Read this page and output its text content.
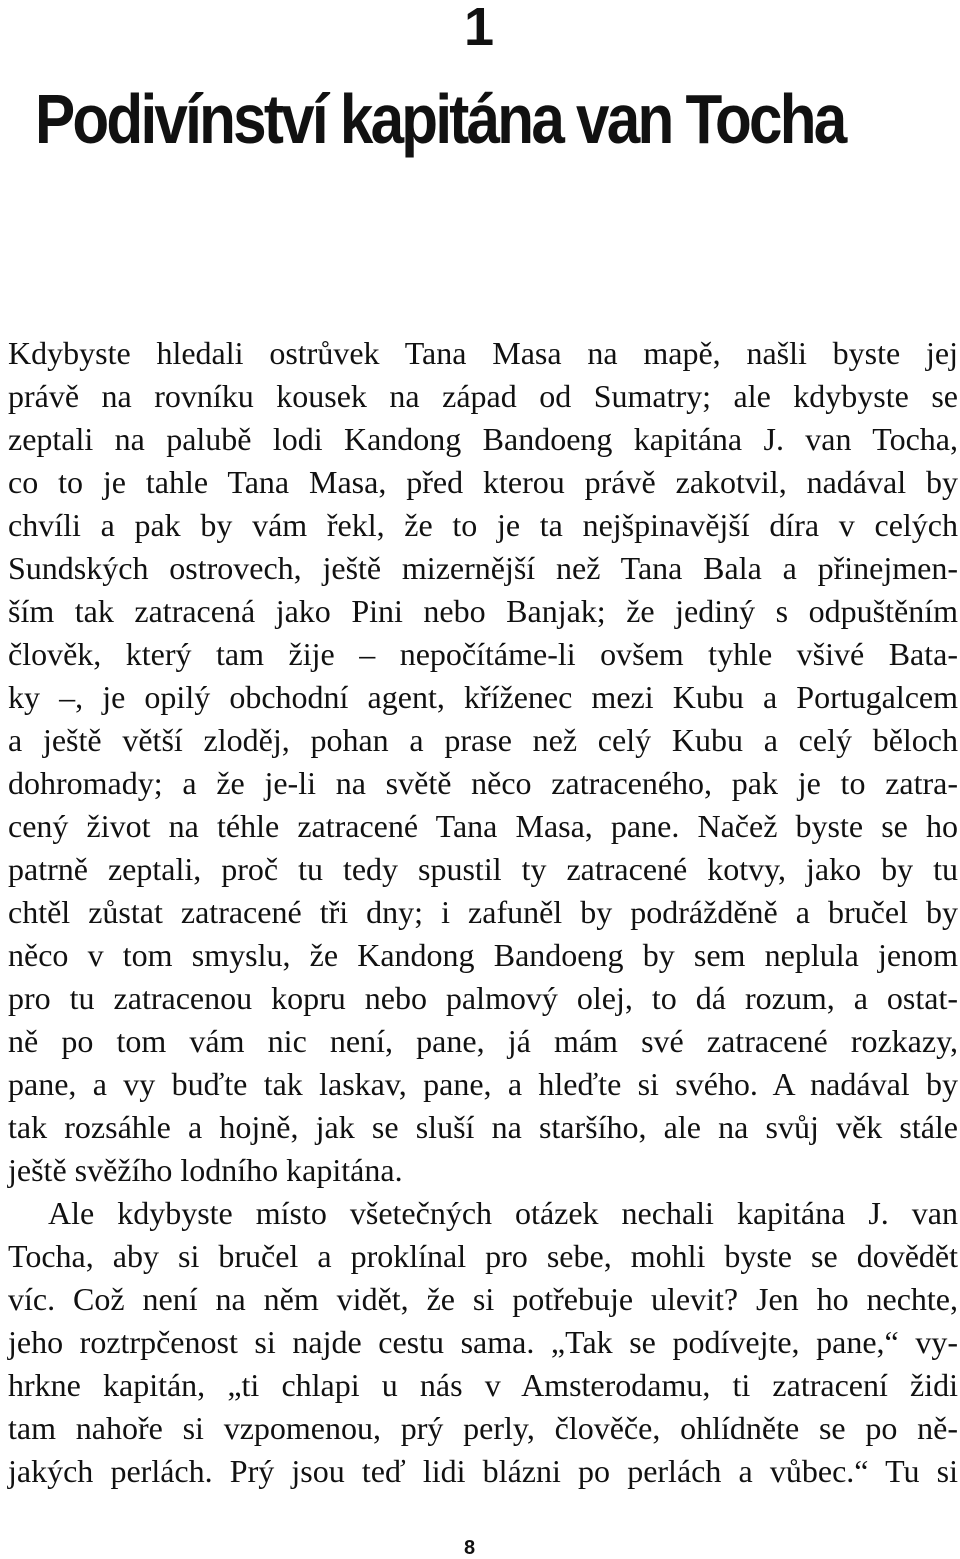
1
Podivínství kapitána van Tocha
Kdybyste hledali ostrůvek Tana Masa na mapě, našli byste jej
právě na rovníku kousek na západ od Sumatry; ale kdybyste se
zeptali na palubě lodi Kandong Bandoeng kapitána J. van Tocha,
co to je tahle Tana Masa, před kterou právě zakotvil, nadával by
chvíli a pak by vám řekl, že to je ta nejšpinavější díra v celých
Sundských ostrovech, ještě mizernější než Tana Bala a přinejmen-
ším tak zatracená jako Pini nebo Banjak; že jediný s odpuštěním
člověk, který tam žije – nepočítáme-li ovšem tyhle všivé Bata-
ky –, je opilý obchodní agent, kříženec mezi Kubu a Portugalcem
a ještě větší zloděj, pohan a prase než celý Kubu a celý běloch
dohromady; a že je-li na světě něco zatraceného, pak je to zatra-
cený život na téhle zatracené Tana Masa, pane. Načež byste se ho
patrně zeptali, proč tu tedy spustil ty zatracené kotvy, jako by tu
chtěl zůstat zatracené tři dny; i zafuněl by podrážděně a bručel by
něco v tom smyslu, že Kandong Bandoeng by sem neplula jenom
pro tu zatracenou kopru nebo palmový olej, to dá rozum, a ostat-
ně po tom vám nic není, pane, já mám své zatracené rozkazy,
pane, a vy buďte tak laskav, pane, a hleďte si svého. A nadával by
tak rozsáhle a hojně, jak se sluší na staršího, ale na svůj věk stále
ještě svěžího lodního kapitána.
Ale kdybyste místo všetečných otázek nechali kapitána J. van
Tocha, aby si bručel a proklínal pro sebe, mohli byste se dovědět
víc. Což není na něm vidět, že si potřebuje ulevit? Jen ho nechte,
jeho roztrpčenost si najde cestu sama. „Tak se podívejte, pane,“ vy-
hrkne kapitán, „ti chlapi u nás v Amsterodamu, ti zatracení židi
tam nahoře si vzpomenou, prý perly, člověče, ohlídněte se po ně-
jakých perlách. Prý jsou teď lidi blázni po perlách a vůbec.“ Tu si
8
